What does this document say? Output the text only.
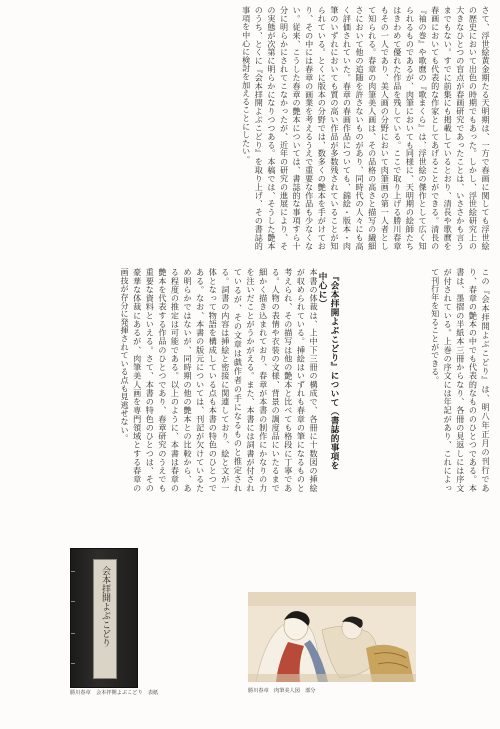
さて、浮世絵黄金期たる天明期は、一方で春画に関しても浮世絵の歴史において出色の時期でもあった。しかし、浮世絵研究上の大きなひとつの盲点が春画研究であったことは、いささかも言うまでもない。すでに前集にも掲載しているとおり、清長や歌麿を春画においても代表的な作家としてあげることができる。清長の『袖の巻』や歌麿の『歌まくら』は、浮世絵の傑作として広く知られるものであるが、肉筆においても同様に、天明期の絵師たちはきわめて優れた作品を残している。ここで取り上げる勝川春章もその一人であり、美人画の分野において肉筆画の第一人者として知られる。春章の肉筆美人画は、その品格の高さと描写の繊細さにおいて他の追随を許さないものがあり、同時代の人々にも高く評価されていた。春章の春画作品についても、錦絵・版本・肉筆のいずれにおいても質の高い作品が多数残されていることが知られている。とくに版本の分野では、数多くの艶本を手がけており、その中には春章の画業を考えるうえで重要な作品も少なくない。従来、こうした春章の艶本については、書誌的な事項すら十分に明らかにされてこなかったが、近年の研究の進展により、その実態が次第に明らかになりつつある。本稿では、そうした艶本のうち、とくに『会本拝開よぶこどり』を取り上げ、その書誌的事項を中心に検討を加えることにしたい。
この『会本拝開よぶこどり』は、明八年正月の刊行であり、春章の艶本の中でも代表的なもののひとつである。本書は、墨摺の半紙本三冊からなり、各冊の見返しには序文が付されている。上巻の序文には年記があり、これによって刊行年を知ることができる。
『会本拝開よぶこどり』について（書誌的事項を中心に）
本書の体裁は、上中下三冊の構成で、各冊に十数図の挿絵が収められている。挿絵はいずれも春章の筆になるものと考えられ、その描写は他の艶本と比べても格段に丁寧である。人物の表情や衣装の文様、背景の調度品にいたるまで細かく描き込まれており、春章が本書の制作にかなりの力を注いだことがうかがえる。また、本書には詞書が付されているが、その文章は戯作者の手になるものと推定される。詞書の内容は挿絵と密接に関連しており、絵と文が一体となって物語を構成している点も本書の特色のひとつである。なお、本書の版元については、刊記が欠けているため明らかではないが、同時期の他の艶本との比較から、ある程度の推定は可能である。以上のように、本書は春章の艶本を代表する作品のひとつであり、春章研究のうえでも重要な資料といえる。さて、本書の特色のひとつは、その豪華な体裁にあるが、肉筆美人画を専門領域とする春章の画技が存分に発揮されている点も見逃せない。
会本拝開よぶこどり
勝川春章　会本拝開よぶこどり　表紙	勝川春章　肉筆美人図　部分
